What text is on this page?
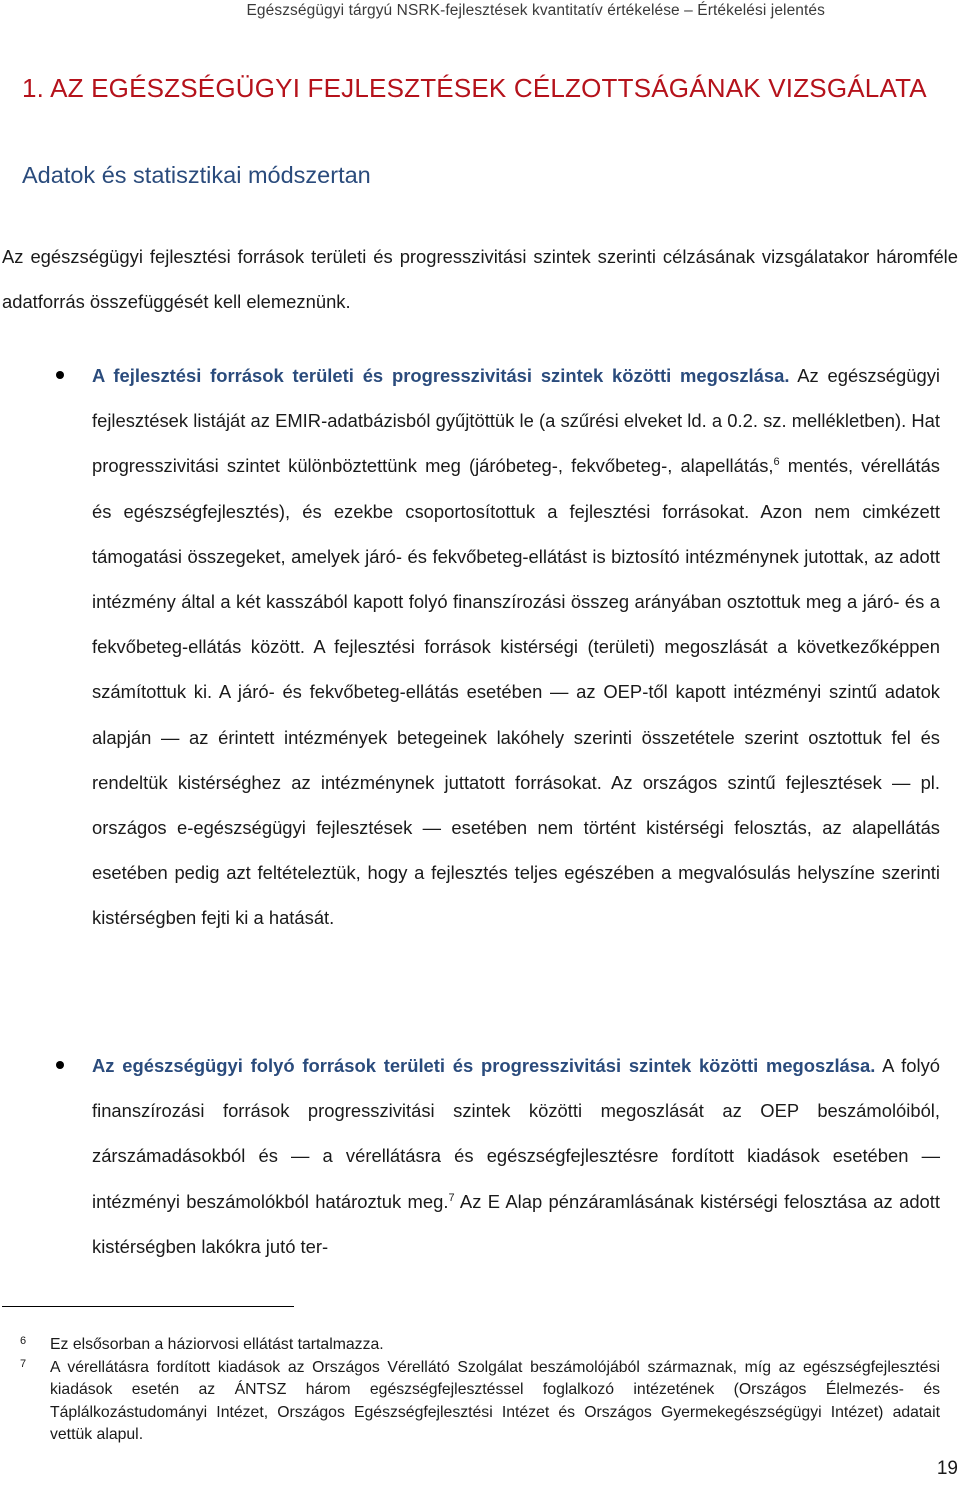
Egészségügyi tárgyú NSRK-fejlesztések kvantitatív értékelése – Értékelési jelentés
1. AZ EGÉSZSÉGÜGYI FEJLESZTÉSEK CÉLZOTTSÁGÁNAK VIZSGÁLATA
Adatok és statisztikai módszertan

Az egészségügyi fejlesztési források területi és progresszivitási szintek szerinti célzásának vizsgálatakor háromféle adatforrás összefüggését kell elemeznünk.

A fejlesztési források területi és progresszivitási szintek közötti megoszlása. Az egészségügyi fejlesztések listáját az EMIR-adatbázisból gyűjtöttük le (a szűrési elveket ld. a 0.2. sz. mellékletben). Hat progresszivitási szintet különböztettünk meg (járóbeteg-, fekvőbeteg-, alapellátás,$^6$ mentés, vérellátás és egészségfejlesztés), és ezekbe csoportosítottuk a fejlesztési forrásokat. Azon nem cimkézett támogatási összegeket, amelyek járó- és fekvőbeteg-ellátást is biztosító intézménynek jutottak, az adott intézmény által a két kasszából kapott folyó finanszírozási összeg arányában osztottuk meg a járó- és a fekvőbeteg-ellátás között. A fejlesztési források kistérségi (területi) megoszlását a következőképpen számítottuk ki. A járó- és fekvőbeteg-ellátás esetében — az OEP-től kapott intézményi szintű adatok alapján — az érintett intézmények betegeinek lakóhely szerinti összetétele szerint osztottuk fel és rendeltük kistérséghez az intézménynek juttatott forrásokat. Az országos szintű fejlesztések — pl. országos e-egészségügyi fejlesztések — esetében nem történt kistérségi felosztás, az alapellátás esetében pedig azt feltételeztük, hogy a fejlesztés teljes egészében a megvalósulás helyszíne szerinti kistérségben fejti ki a hatását.

Az egészségügyi folyó források területi és progresszivitási szintek közötti megoszlása. A folyó finanszírozási források progresszivitási szintek közötti megoszlását az OEP beszámolóiból, zárszámadásokból és — a vérellátásra és egészségfejlesztésre fordított kiadások esetében — intézményi beszámolókból határoztuk meg.$^7$ Az E Alap pénzáramlásának kistérségi felosztása az adott kistérségben lakókra jutó ter-

6 Ez elsősorban a háziorvosi ellátást tartalmazza.

7 A vérellátásra fordított kiadások az Országos Vérellátó Szolgálat beszámolójából származnak, míg az egészségfejlesztési kiadások esetén az ÁNTSZ három egészségfejlesztéssel foglalkozó intézetének (Országos Élelmezés- és Táplálkozástudományi Intézet, Országos Egészségfejlesztési Intézet és Országos Gyermekegészségügyi Intézet) adatait vettük alapul.

19
